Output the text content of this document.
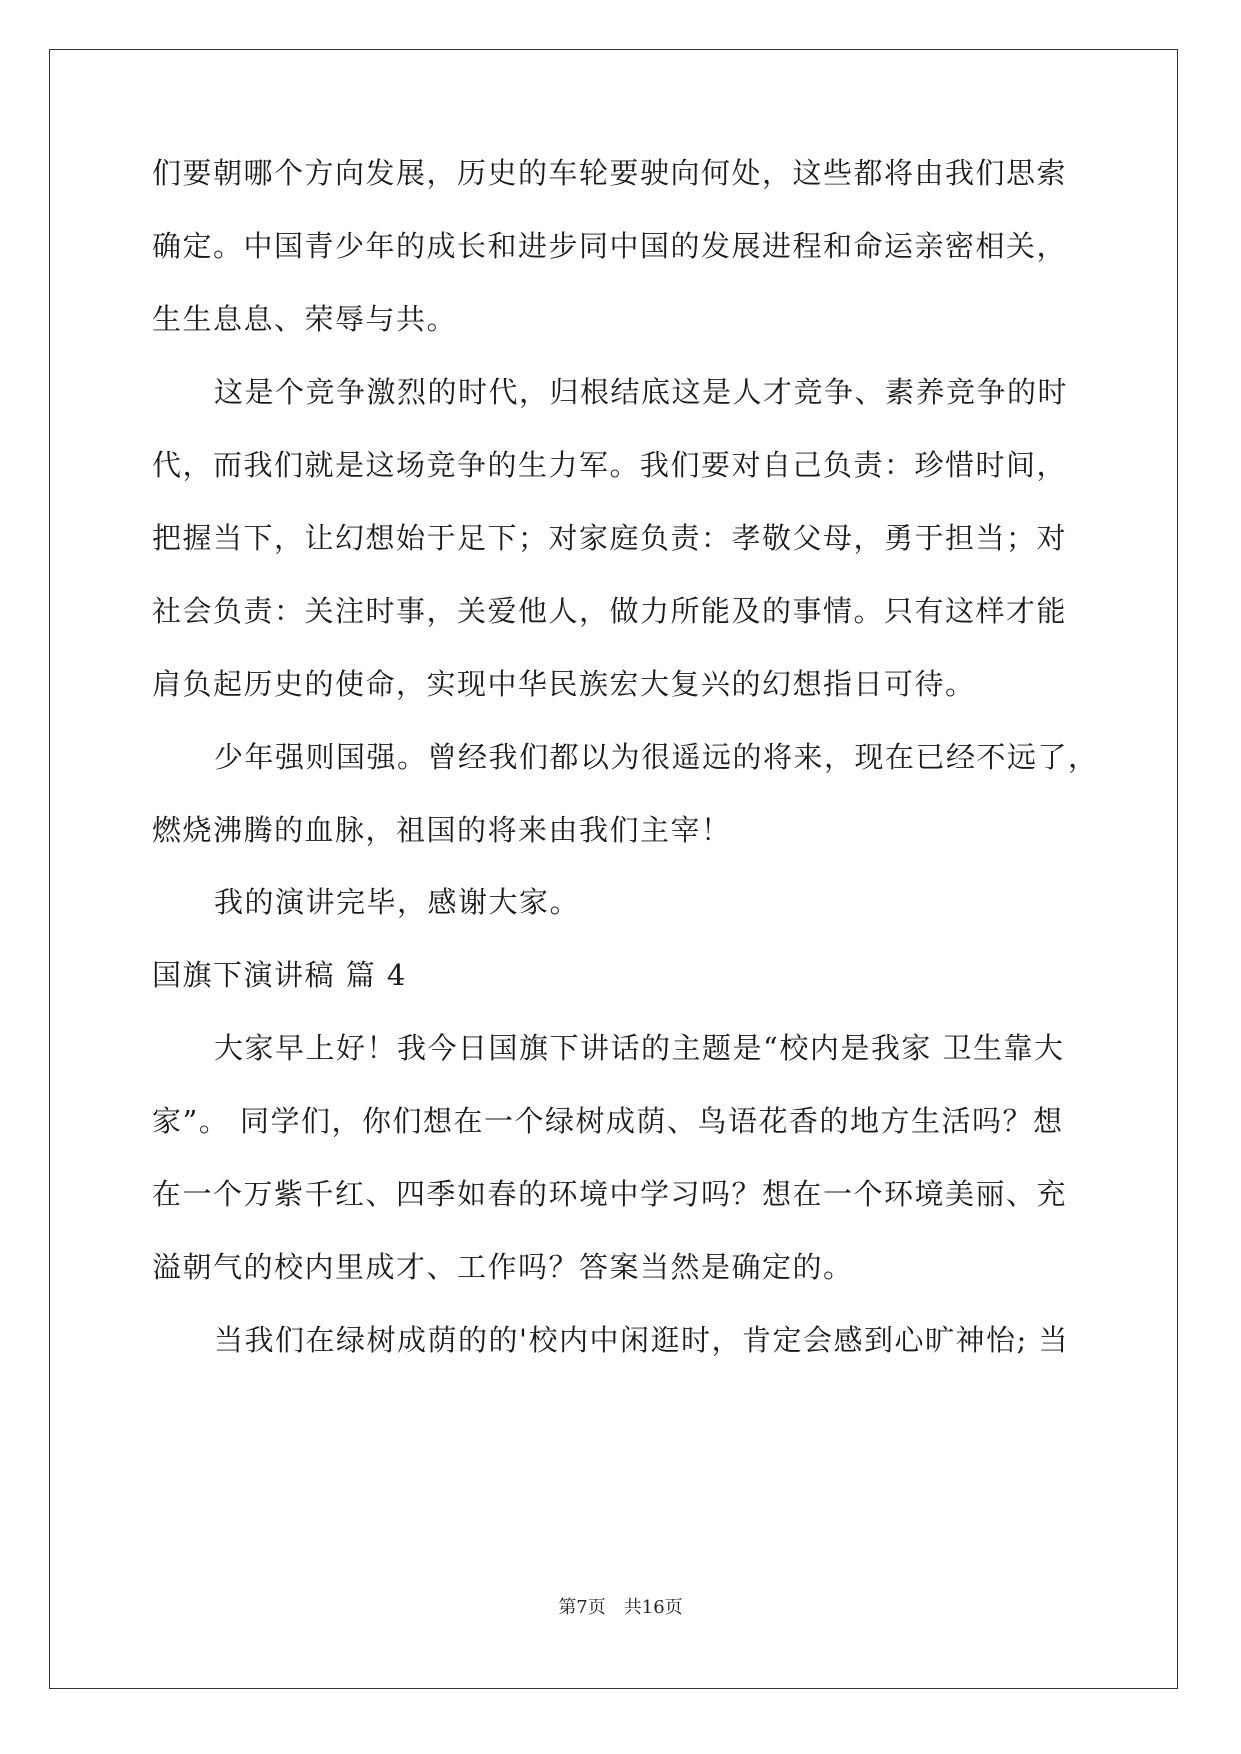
们要朝哪个方向发展，历史的车轮要驶向何处，这些都将由我们思索
确定。中国青少年的成长和进步同中国的发展进程和命运亲密相关，
生生息息、荣辱与共。
这是个竞争激烈的时代，归根结底这是人才竞争、素养竞争的时
代，而我们就是这场竞争的生力军。我们要对自己负责：珍惜时间，
把握当下，让幻想始于足下；对家庭负责：孝敬父母，勇于担当；对
社会负责：关注时事，关爱他人，做力所能及的事情。只有这样才能
肩负起历史的使命，实现中华民族宏大复兴的幻想指日可待。
少年强则国强。曾经我们都以为很遥远的将来，现在已经不远了，
燃烧沸腾的血脉，祖国的将来由我们主宰！
我的演讲完毕，感谢大家。
国旗下演讲稿 篇 4
大家早上好！我今日国旗下讲话的主题是“校内是我家 卫生靠大
家”。 同学们，你们想在一个绿树成荫、鸟语花香的地方生活吗？想
在一个万紫千红、四季如春的环境中学习吗？想在一个环境美丽、充
溢朝气的校内里成才、工作吗？答案当然是确定的。
当我们在绿树成荫的的'校内中闲逛时，肯定会感到心旷神怡; 当
第7页　共16页
